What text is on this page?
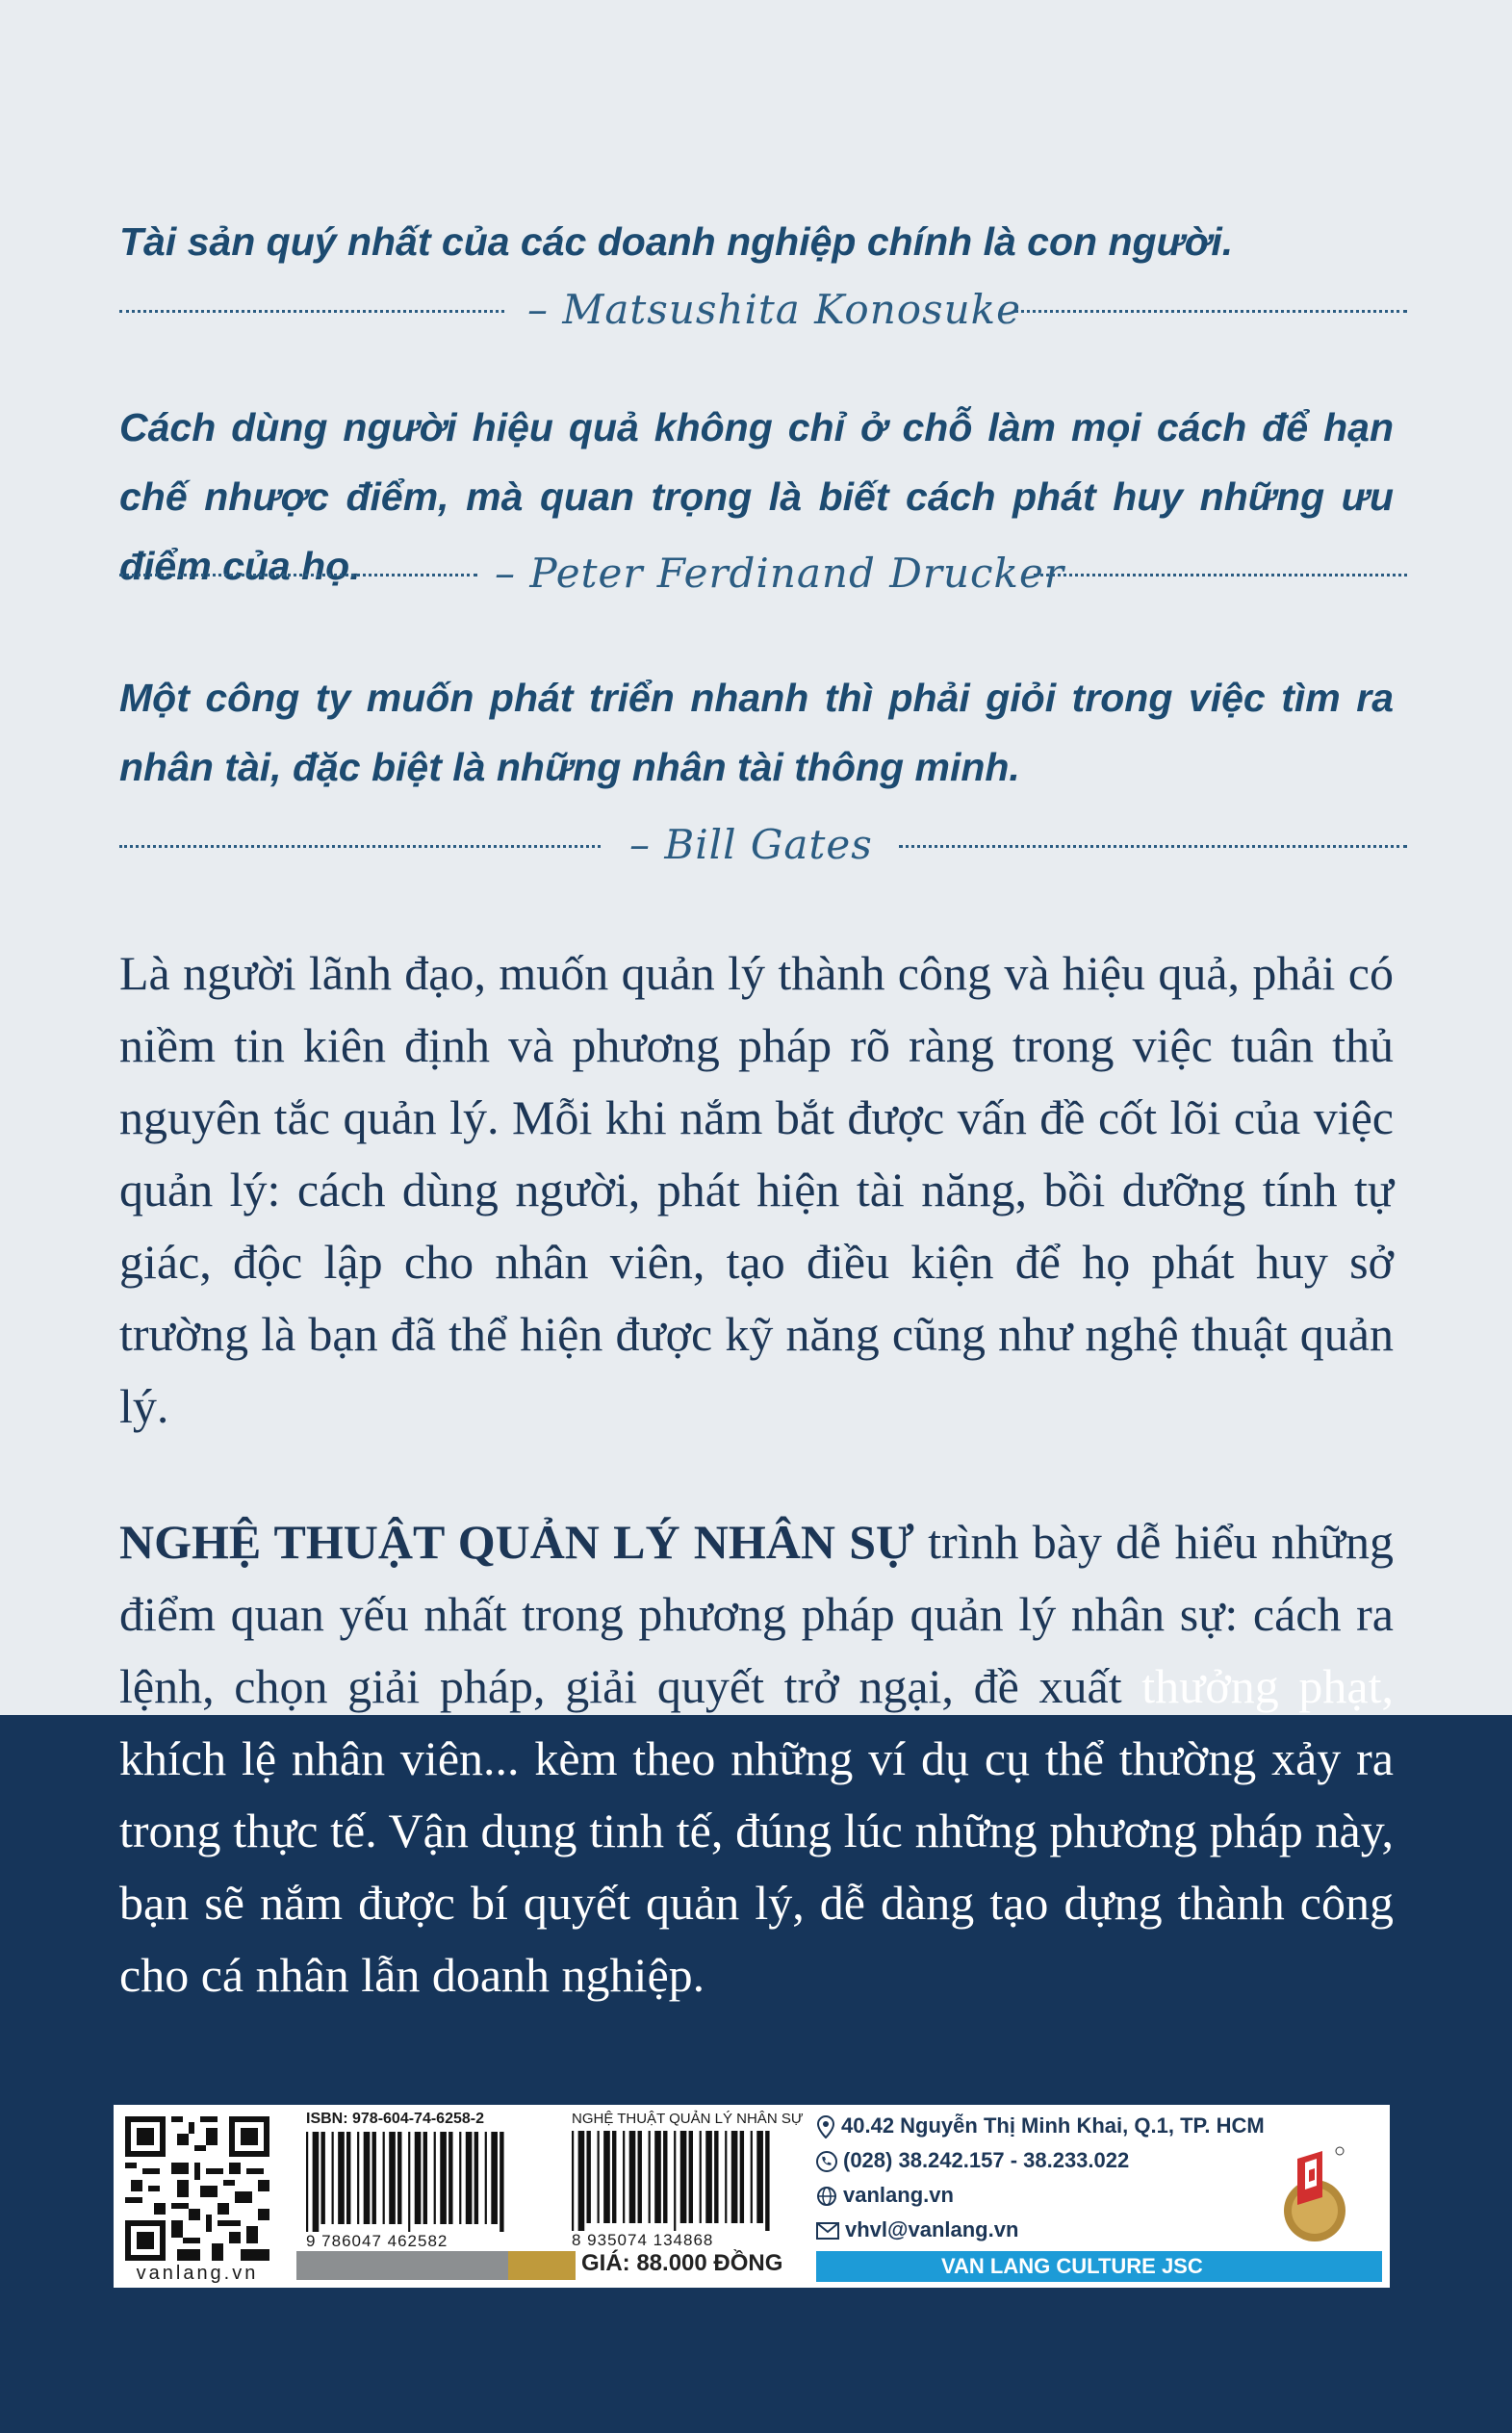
Tài sản quý nhất của các doanh nghiệp chính là con người.

– Matsushita Konosuke

Cách dùng người hiệu quả không chỉ ở chỗ làm mọi cách để hạn chế nhược điểm, mà quan trọng là biết cách phát huy những ưu điểm của họ.	– Peter Ferdinand Drucker

Một công ty muốn phát triển nhanh thì phải giỏi trong việc tìm ra nhân tài, đặc biệt là những nhân tài thông minh.

– Bill Gates

Là người lãnh đạo, muốn quản lý thành công và hiệu quả, phải có niềm tin kiên định và phương pháp rõ ràng trong việc tuân thủ nguyên tắc quản lý. Mỗi khi nắm bắt được vấn đề cốt lõi của việc quản lý: cách dùng người, phát hiện tài năng, bồi dưỡng tính tự giác, độc lập cho nhân viên, tạo điều kiện để họ phát huy sở trường là bạn đã thể hiện được kỹ năng cũng như nghệ thuật quản lý.

NGHỆ THUẬT QUẢN LÝ NHÂN SỰ trình bày dễ hiểu những điểm quan yếu nhất trong phương pháp quản lý nhân sự: cách ra lệnh, chọn giải pháp, giải quyết trở ngại, đề xuất thưởng phạt, khích lệ nhân viên... kèm theo những ví dụ cụ thể thường xảy ra trong thực tế. Vận dụng tinh tế, đúng lúc những phương pháp này, bạn sẽ nắm được bí quyết quản lý, dễ dàng tạo dựng thành công cho cá nhân lẫn doanh nghiệp.

vanlang.vn
ISBN: 978-604-74-6258-2
9 786047 462582
NGHỆ THUẬT QUẢN LÝ NHÂN SỰ
8 935074 134868
GIÁ: 88.000 ĐỒNG
40.42 Nguyễn Thị Minh Khai, Q.1, TP. HCM
(028) 38.242.157 - 38.233.022
vanlang.vn
vhvl@vanlang.vn
VAN LANG CULTURE JSC
